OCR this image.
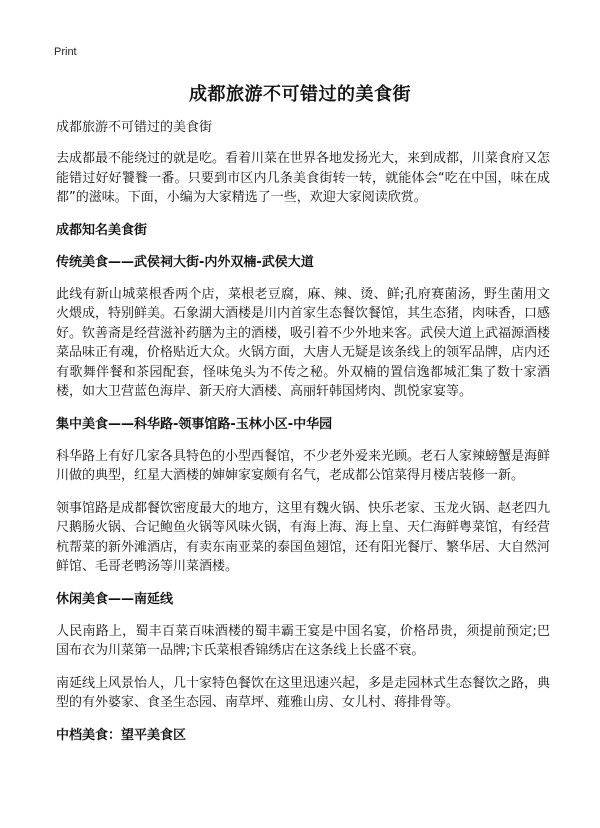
Print
成都旅游不可错过的美食街

成都旅游不可错过的美食街

去成都最不能绕过的就是吃。看着川菜在世界各地发扬光大，来到成都，川菜食府又怎能错过好好饕餮一番。只要到市区内几条美食街转一转，就能体会“吃在中国，味在成都”的滋味。下面，小编为大家精选了一些，欢迎大家阅读欣赏。

成都知名美食街

传统美食——武侯祠大街-内外双楠-武侯大道

此线有新山城菜根香两个店，菜根老豆腐，麻、辣、烫、鲜;孔府赛菌汤，野生菌用文火煨成，特别鲜美。石象湖大酒楼是川内首家生态餐饮餐馆，其生态猪，肉味香，口感好。钦善斋是经营滋补药膳为主的酒楼，吸引着不少外地来客。武侯大道上武福源酒楼菜品味正有魂，价格贴近大众。火锅方面，大唐人无疑是该条线上的领军品牌，店内还有歌舞伴餐和茶园配套，怪味兔头为不传之秘。外双楠的置信逸都城汇集了数十家酒楼，如大卫营蓝色海岸、新天府大酒楼、高丽轩韩国烤肉、凯悦家宴等。

集中美食——科华路-领事馆路-玉林小区-中华园

科华路上有好几家各具特色的小型西餐馆，不少老外爱来光顾。老石人家辣螃蟹是海鲜川做的典型，红星大酒楼的婶婶家宴颇有名气，老成都公馆菜得月楼店装修一新。

领事馆路是成都餐饮密度最大的地方，这里有魏火锅、快乐老家、玉龙火锅、赵老四九尺鹅肠火锅、合记鲍鱼火锅等风味火锅，有海上海、海上皇、天仁海鲜粤菜馆，有经营杭帮菜的新外滩酒店，有卖东南亚菜的泰国鱼翅馆，还有阳光餐厅、繁华居、大自然河鲜馆、毛哥老鸭汤等川菜酒楼。

休闲美食——南延线

人民南路上，蜀丰百菜百味酒楼的蜀丰霸王宴是中国名宴，价格昂贵，须提前预定;巴国布衣为川菜第一品牌;卞氏菜根香锦绣店在这条线上长盛不衰。

南延线上风景怡人，几十家特色餐饮在这里迅速兴起，多是走园林式生态餐饮之路，典型的有外婆家、食圣生态园、南草坪、薤雅山房、女儿村、蒋排骨等。

中档美食：望平美食区
